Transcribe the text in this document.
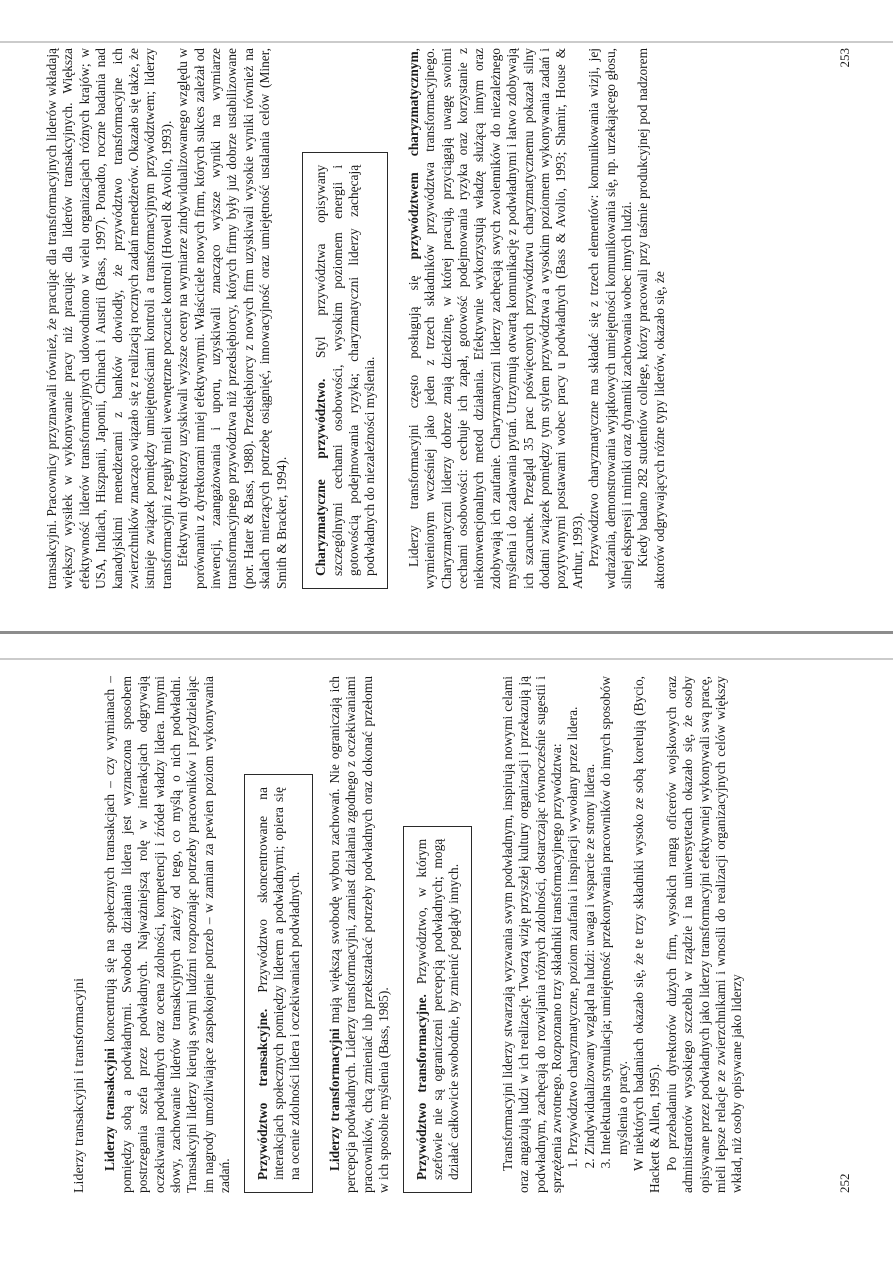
Liderzy transakcyjni i transformacyjni Liderzy transakcyjni koncentrują się na społecznych transakcjach – czy wymianach – pomiędzy sobą a podwładnymi. Swoboda działania lidera jest wyznaczona sposobem postrzegania szefa przez podwładnych. Najważniejszą rolę w interakcjach odgrywają oczekiwania podwładnych oraz ocena zdolności, kompetencji i źródeł władzy lidera. Innymi słowy, zachowanie liderów transakcyjnych zależy od tego, co myślą o nich podwładni. Transakcyjni liderzy kierują swymi ludźmi rozpoznając potrzeby pracowników i przydzielając im nagrody umożliwiające zaspokojenie potrzeb – w zamian za pewien poziom wykonywania zadań. Przywództwo transakcyjne. Przywództwo skoncentrowane na interakcjach społecznych pomiędzy liderem a podwładnymi; opiera się na ocenie zdolności lidera i oczekiwaniach podwładnych. Liderzy transformacyjni mają większą swobodę wyboru zachowań. Nie ograniczają ich percepcja podwładnych. Liderzy transformacyjni, zamiast działania zgodnego z oczekiwaniami pracowników, chcą zmieniać lub przekształcać potrzeby podwładnych oraz dokonać przełomu w ich sposobie myślenia (Bass, 1985). Przywództwo transformacyjne. Przywództwo, w którym szefowie nie są ograniczeni percepcją podwładnych; mogą działać całkowicie swobodnie, by zmienić poglądy innych.	Transformacyjni liderzy stwarzają wyzwania swym podwładnym, inspirują nowymi celami oraz angażują ludzi w ich realizację. Tworzą wizję przyszłej kultury organizacji i przekazują ją podwładnym, zachęcają do rozwijania różnych zdolności, dostarczając równocześnie sugestii i sprzężenia zwrotnego. Rozpoznano trzy składniki transformacyjnego przywództwa: 1. Przywództwo charyzmatyczne, poziom zaufania i inspiracji wywołany przez lidera. 2. Zindywidualizowany wzgląd na ludzi: uwaga i wsparcie ze strony lidera. 3. Intelektualna stymulacja; umiejętność przekonywania pracowników do innych sposobów myślenia o pracy. W niektórych badaniach okazało się, że te trzy składniki wysoko ze sobą korelują (Bycio, Hackett & Allen, 1995). Po przebadaniu dyrektorów dużych firm, wysokich rangą oficerów wojskowych oraz administratorów wysokiego szczebla w rządzie i na uniwersytetach okazało się, że osoby opisywane przez podwładnych jako liderzy transformacyjni efektywniej wykonywali swą pracę, mieli lepsze relacje ze zwierzchnikami i wnosili do realizacji organizacyjnych celów większy wkład, niż osoby opisywane jako liderzy	252

transakcyjni. Pracownicy przyznawali również, że pracując dla transformacyjnych liderów wkładają większy wysiłek w wykonywanie pracy niż pracując dla liderów transakcyjnych. Większa efektywność liderów transformacyjnych udowodniono w wielu organizacjach różnych krajów; w USA, Indiach, Hiszpanii, Japonii, Chinach i Austrii (Bass, 1997). Ponadto, roczne badania nad kanadyjskimi menedżerami z banków dowiodły, że przywództwo transformacyjne ich zwierzchników znacząco wiązało się z realizacją rocznych zadań menedżerów. Okazało się także, że istnieje związek pomiędzy umiejętnościami kontroli a transformacyjnym przywództwem; liderzy transformacyjni z reguły mieli wewnętrzne poczucie kontroli (Howell & Avolio, 1993). Efektywni dyrektorzy uzyskiwali wyższe oceny na wymiarze zindywidualizowanego względu w porównaniu z dyrektorami mniej efektywnymi. Właściciele nowych firm, których sukces zależał od inwencji, zaangażowania i uporu, uzyskiwali znacząco wyższe wyniki na wymiarze transformacyjnego przywództwa niż przedsiębiorcy, których firmy były już dobrze ustabilizowane (por. Hater & Bass, 1988). Przedsiębiorcy z nowych firm uzyskiwali wysokie wyniki również na skalach mierzących potrzebę osiągnięć, innowacyjność oraz umiejętność ustalania celów (Miner, Smith & Bracker, 1994). Charyzmatyczne przywództwo. Styl przywództwa opisywany szczególnymi cechami osobowości, wysokim poziomem energii i gotowością podejmowania ryzyka; charyzmatyczni liderzy zachęcają podwładnych do niezależności myślenia. Liderzy transformacyjni często posługują się przywództwem charyzmatycznym, wymienionym wcześniej jako jeden z trzech składników przywództwa transformacyjnego. Charyzmatyczni liderzy dobrze znają dziedzinę, w której pracują, przyciągają uwagę swoimi cechami osobowości: cechuje ich zapał, gotowość podejmowania ryzyka oraz korzystanie z niekonwencjonalnych metod działania. Efektywnie wykorzystują władzę służącą innym oraz zdobywają ich zaufanie. Charyzmatyczni liderzy zachęcają swych zwolenników do niezależnego myślenia i do zadawania pytań. Utrzymują otwartą komunikację z podwładnymi i łatwo zdobywają ich szacunek. Przegląd 35 prac poświęconych przywództwu charyzmatycznemu pokazał silny dodatni związek pomiędzy tym stylem przywództwa a wysokim poziomem wykonywania zadań i pozytywnymi postawami wobec pracy u podwładnych (Bass & Avolio, 1993; Shamir, House & Arthur, 1993). Przywództwo charyzmatyczne ma składać się z trzech elementów: komunikowania wizji, jej wdrażania, demonstrowania wyjątkowych umiejętności komunikowania się, np. urzekającego głosu, silnej ekspresji i mimiki oraz dynamiki zachowania wobec innych ludzi. Kiedy badano 282 studentów college, którzy pracowali przy taśmie produkcyjnej pod nadzorem aktorów odgrywających różne typy liderów, okazało się, że

253
